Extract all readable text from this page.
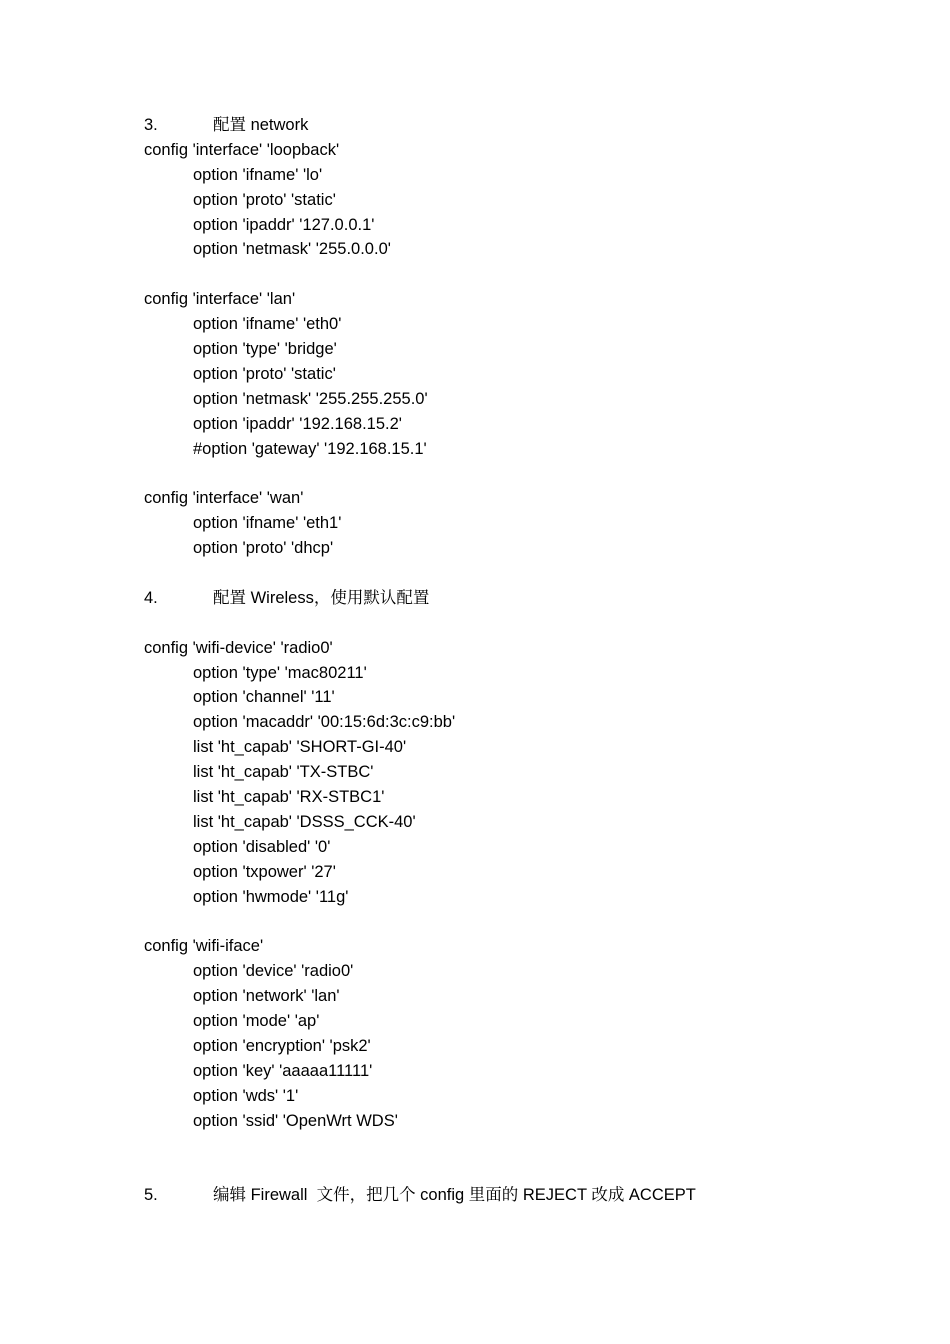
3.	配置 network
config 'interface' 'loopback'
option 'ifname' 'lo'
option 'proto' 'static'
option 'ipaddr' '127.0.0.1'
option 'netmask' '255.0.0.0'
config 'interface' 'lan'
option 'ifname' 'eth0'
option 'type' 'bridge'
option 'proto' 'static'
option 'netmask' '255.255.255.0'
option 'ipaddr' '192.168.15.2'
#option 'gateway' '192.168.15.1'
config 'interface' 'wan'
option 'ifname' 'eth1'
option 'proto' 'dhcp'
4.	配置 Wireless，使用默认配置
config 'wifi-device' 'radio0'
option 'type' 'mac80211'
option 'channel' '11'
option 'macaddr' '00:15:6d:3c:c9:bb'
list 'ht_capab' 'SHORT-GI-40'
list 'ht_capab' 'TX-STBC'
list 'ht_capab' 'RX-STBC1'
list 'ht_capab' 'DSSS_CCK-40'
option 'disabled' '0'
option 'txpower' '27'
option 'hwmode' '11g'
config 'wifi-iface'
option 'device' 'radio0'
option 'network' 'lan'
option 'mode' 'ap'
option 'encryption' 'psk2'
option 'key' 'aaaaa11111'
option 'wds' '1'
option 'ssid' 'OpenWrt WDS'
5.	编辑 Firewall  文件，把几个 config 里面的 REJECT 改成 ACCEPT
